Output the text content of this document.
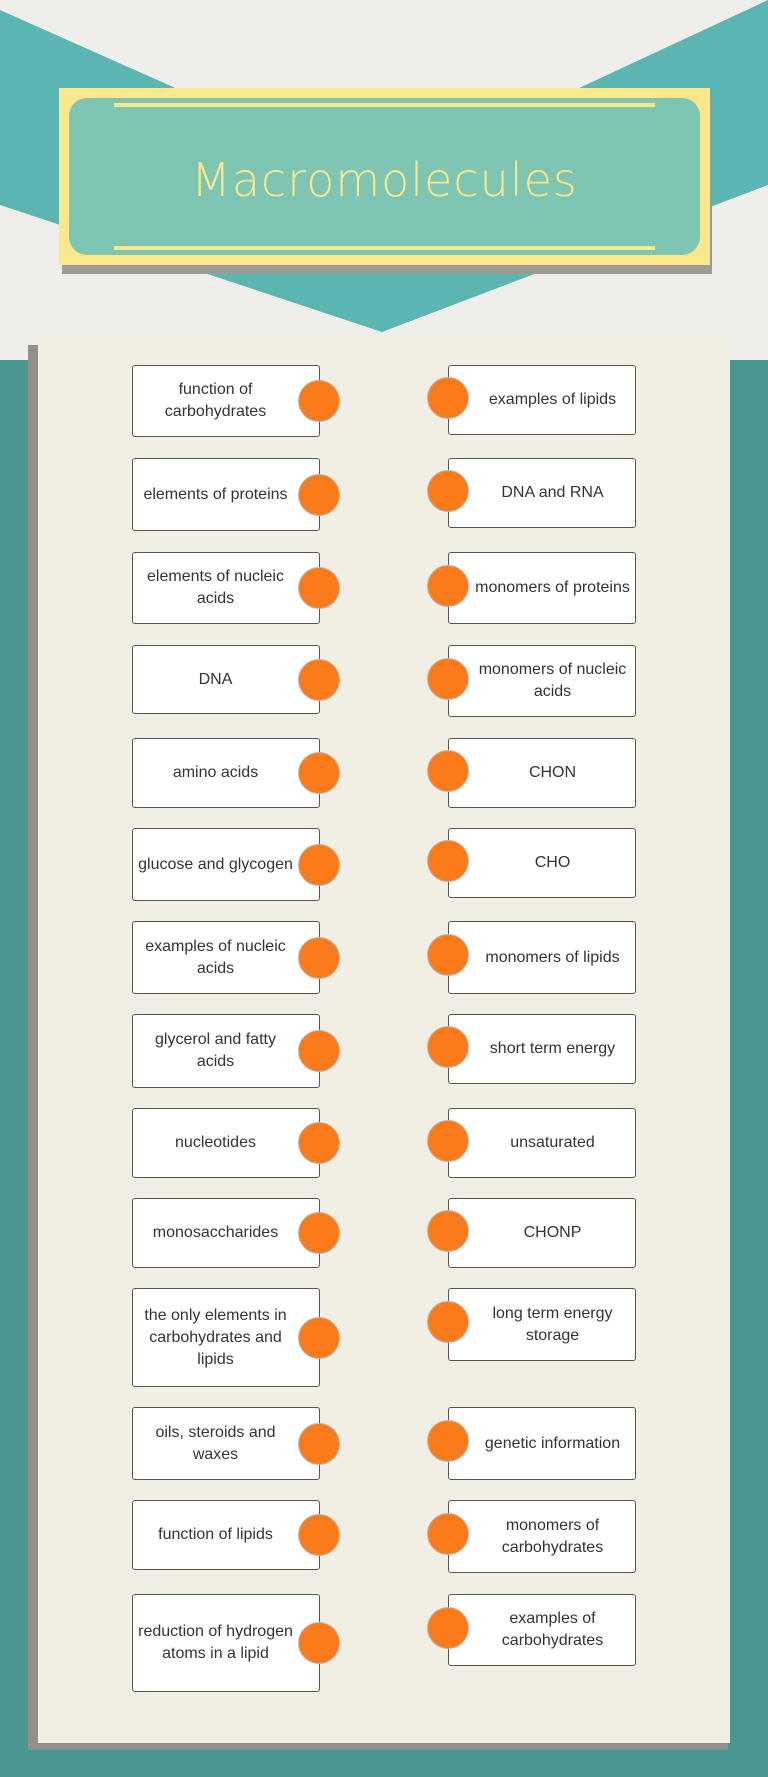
Macromolecules
function of carbohydrates
examples of lipids
elements of proteins	DNA and RNA
elements of nucleic acids
monomers of proteins
DNA
monomers of nucleic acids
amino acids	CHON
glucose and glycogen	CHO
examples of nucleic acids
monomers of lipids
glycerol and fatty acids
short term energy
nucleotides	unsaturated
monosaccharides	CHONP
the only elements in carbohydrates and lipids
long term energy storage
oils, steroids and waxes
genetic information
function of lipids
monomers of carbohydrates
reduction of hydrogen atoms in a lipid
examples of carbohydrates
